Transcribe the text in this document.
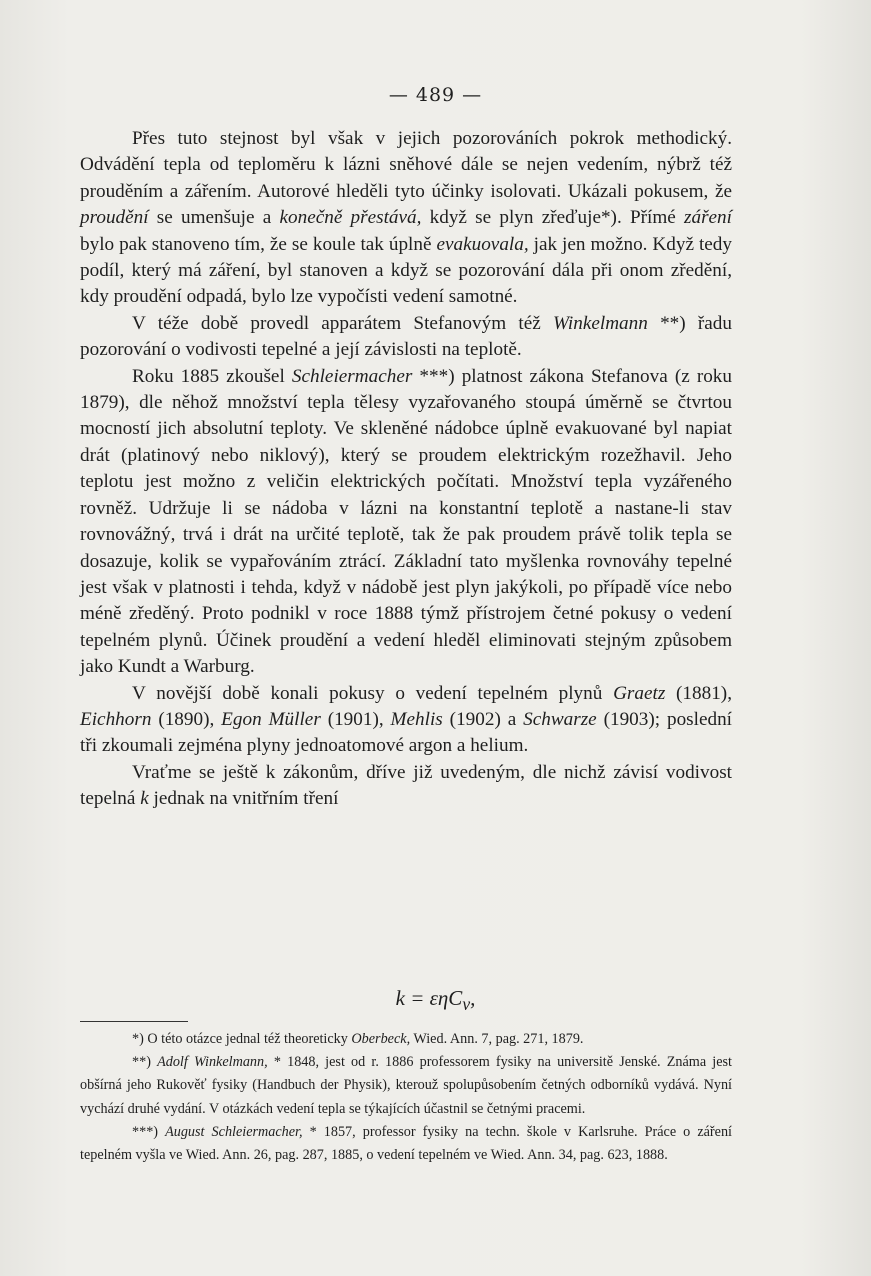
— 489 —

Přes tuto stejnost byl však v jejich pozorováních pokrok methodický. Odvádění tepla od teploměru k lázni sněhové dále se nejen vedením, nýbrž též prouděním a zářením. Autorové hleděli tyto účinky isolovati. Ukázali pokusem, že proudění se umenšuje a konečně přestává, když se plyn zřeďuje*). Přímé záření bylo pak stanoveno tím, že se koule tak úplně evakuovala, jak jen možno. Když tedy podíl, který má záření, byl stanoven a když se pozorování dála při onom zředění, kdy proudění odpadá, bylo lze vypočísti vedení samotné.

V téže době provedl apparátem Stefanovým též Winkelmann **) řadu pozorování o vodivosti tepelné a její závislosti na teplotě.

Roku 1885 zkoušel Schleiermacher ***) platnost zákona Stefanova (z roku 1879), dle něhož množství tepla tělesy vyzařovaného stoupá úměrně se čtvrtou mocností jich absolutní teploty. Ve skleněné nádobce úplně evakuované byl napiat drát (platinový nebo niklový), který se proudem elektrickým rozežhavil. Jeho teplotu jest možno z veličin elektrických počítati. Množství tepla vyzářeného rovněž. Udržuje li se nádoba v lázni na konstantní teplotě a nastane-li stav rovnovážný, trvá i drát na určité teplotě, tak že pak proudem právě tolik tepla se dosazuje, kolik se vypařováním ztrácí. Základní tato myšlenka rovnováhy tepelné jest však v platnosti i tehda, když v nádobě jest plyn jakýkoli, po případě více nebo méně zředěný. Proto podnikl v roce 1888 týmž přístrojem četné pokusy o vedení tepelném plynů. Účinek proudění a vedení hleděl eliminovati stejným způsobem jako Kundt a Warburg.

V novější době konali pokusy o vedení tepelném plynů Graetz (1881), Eichhorn (1890), Egon Müller (1901), Mehlis (1902) a Schwarze (1903); poslední tři zkoumali zejména plyny jednoatomové argon a helium.

Vraťme se ještě k zákonům, dříve již uvedeným, dle nichž závisí vodivost tepelná k jednak na vnitřním tření

k = εηC$_v$,

*) O této otázce jednal též theoreticky Oberbeck, Wied. Ann. 7, pag. 271, 1879.

**) Adolf Winkelmann, * 1848, jest od r. 1886 professorem fysiky na universitě Jenské. Známa jest obšírná jeho Rukověť fysiky (Handbuch der Physik), kterouž spolupůsobením četných odborníků vydává. Nyní vychází druhé vydání. V otázkách vedení tepla se týkajících účastnil se četnými pracemi.

***) August Schleiermacher, * 1857, professor fysiky na techn. škole v Karlsruhe. Práce o záření tepelném vyšla ve Wied. Ann. 26, pag. 287, 1885, o vedení tepelném ve Wied. Ann. 34, pag. 623, 1888.
